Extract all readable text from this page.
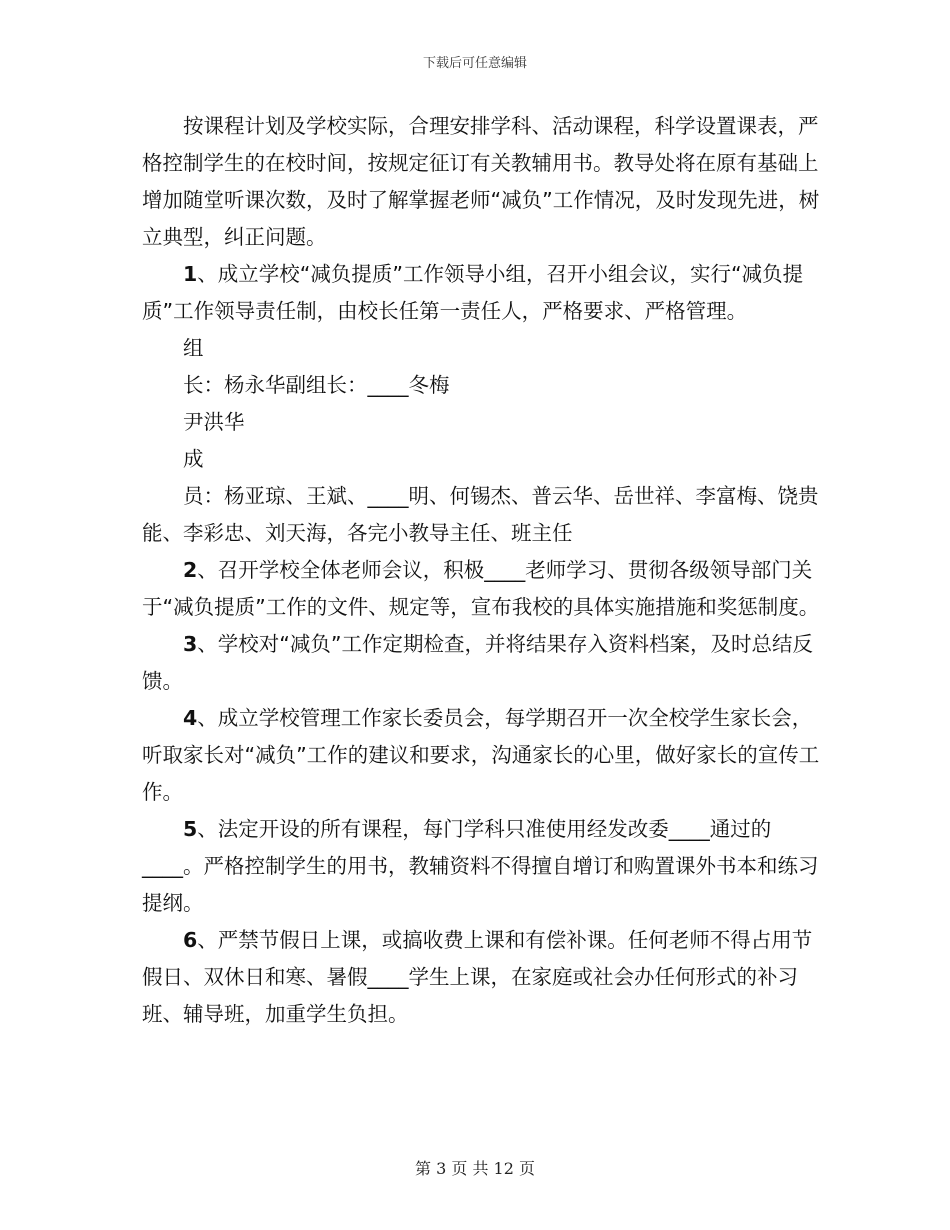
下载后可任意编辑

按课程计划及学校实际，合理安排学科、活动课程，科学设置课表，严格控制学生的在校时间，按规定征订有关教辅用书。教导处将在原有基础上增加随堂听课次数，及时了解掌握老师“减负”工作情况，及时发现先进，树立典型，纠正问题。

1、成立学校“减负提质”工作领导小组，召开小组会议，实行“减负提质”工作领导责任制，由校长任第一责任人，严格要求、严格管理。

组

长：杨永华副组长：____冬梅

尹洪华

成

员：杨亚琼、王斌、____明、何锡杰、普云华、岳世祥、李富梅、饶贵能、李彩忠、刘天海，各完小教导主任、班主任

2、召开学校全体老师会议，积极____老师学习、贯彻各级领导部门关于“减负提质”工作的文件、规定等，宣布我校的具体实施措施和奖惩制度。

3、学校对“减负”工作定期检查，并将结果存入资料档案，及时总结反馈。

4、成立学校管理工作家长委员会，每学期召开一次全校学生家长会，听取家长对“减负”工作的建议和要求，沟通家长的心里，做好家长的宣传工作。

5、法定开设的所有课程，每门学科只准使用经发改委____通过的____。严格控制学生的用书，教辅资料不得擅自增订和购置课外书本和练习提纲。

6、严禁节假日上课，或搞收费上课和有偿补课。任何老师不得占用节假日、双休日和寒、暑假____学生上课，在家庭或社会办任何形式的补习班、辅导班，加重学生负担。

第 3 页 共 12 页
